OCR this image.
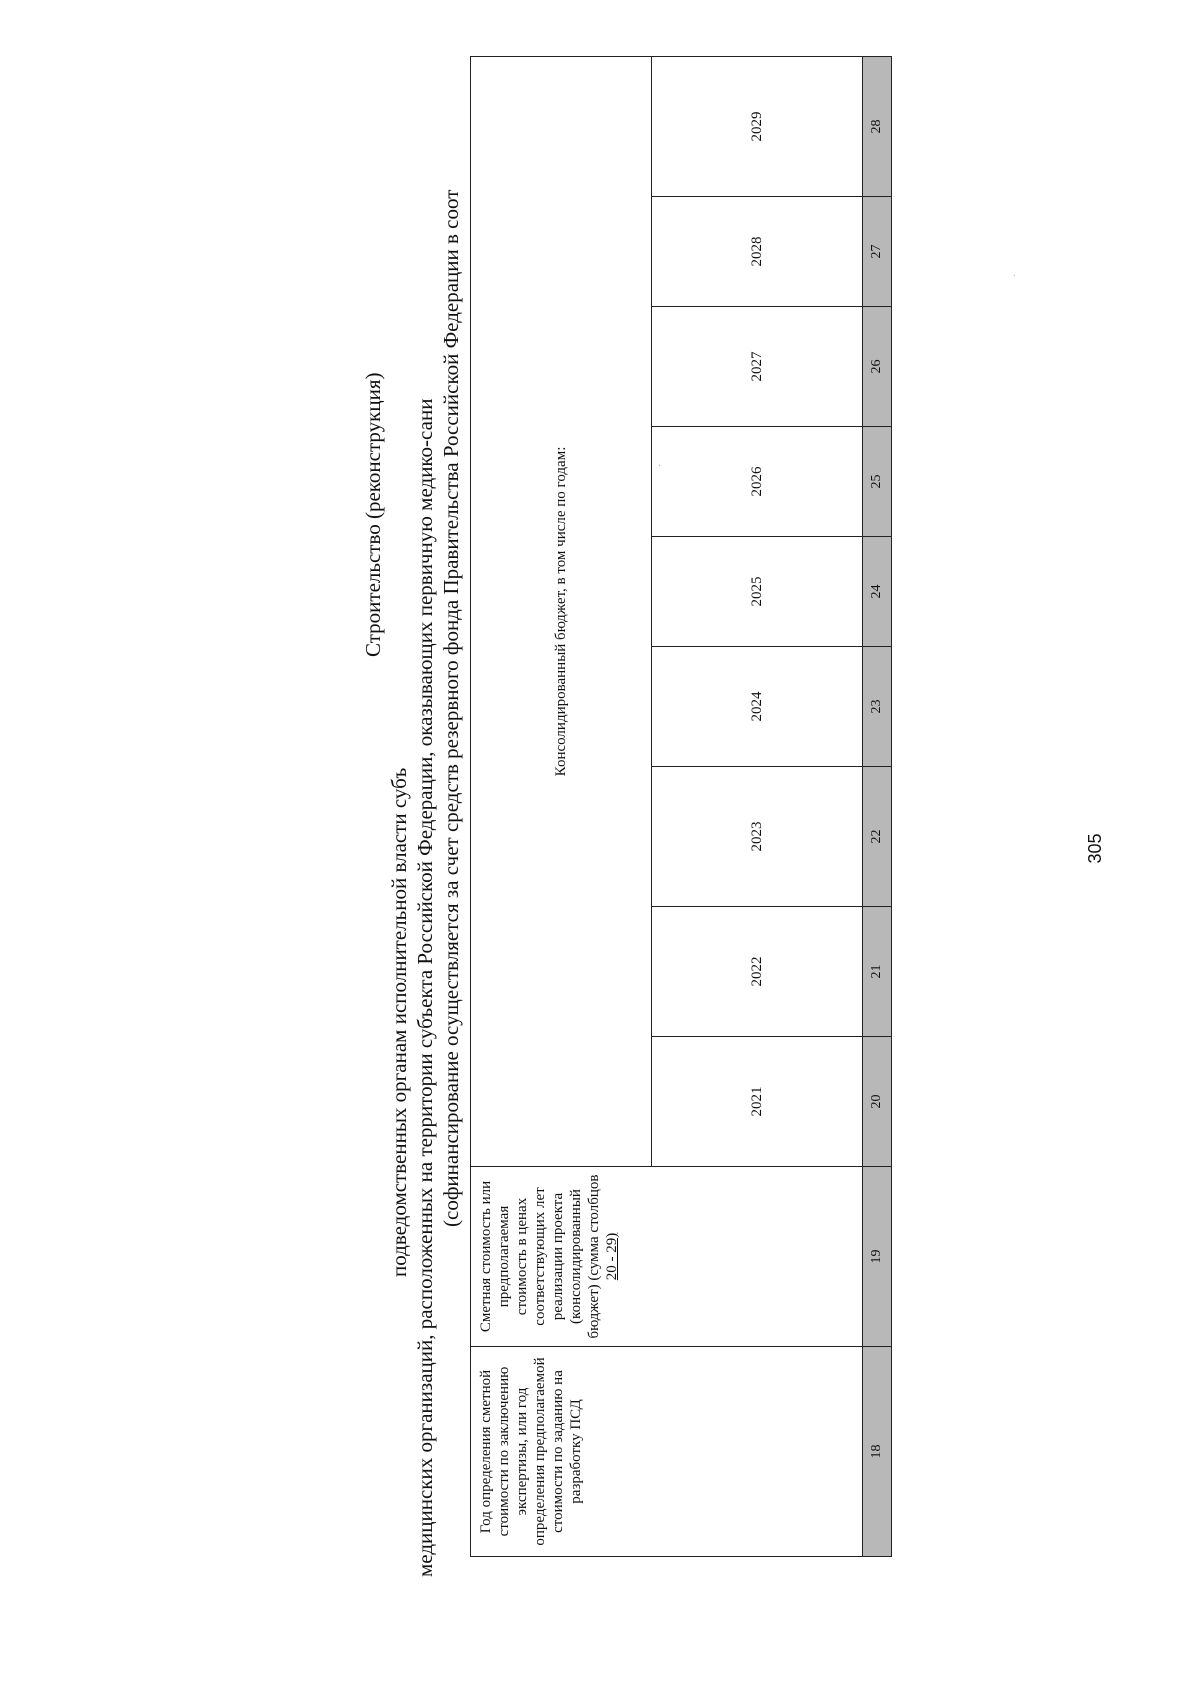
Строительство (реконструкция)
подведомственных органам исполнительной власти субъ медицинских организаций, расположенных на территории субъекта Российской Федерации, оказывающих первичную медико-сани (софинансирование осуществляется за счет средств резервного фонда Правительства Российской Федерации в соот
Год определения сметной стоимости по заключению экспертизы, или год определения предполагаемой стоимости по заданию на разработку ПСД	Сметная стоимость или предполагаемая стоимость в ценах соответствующих лет реализации проекта (консолидированный бюджет) (сумма столбцов 20 - 29)	Консолидированный бюджет, в том числе по годам:								
		2021	2022	2023	2024	2025	2026	2027	2028	2029
18	19	20	21	22	23	24	25	26	27	28
305
·
·
